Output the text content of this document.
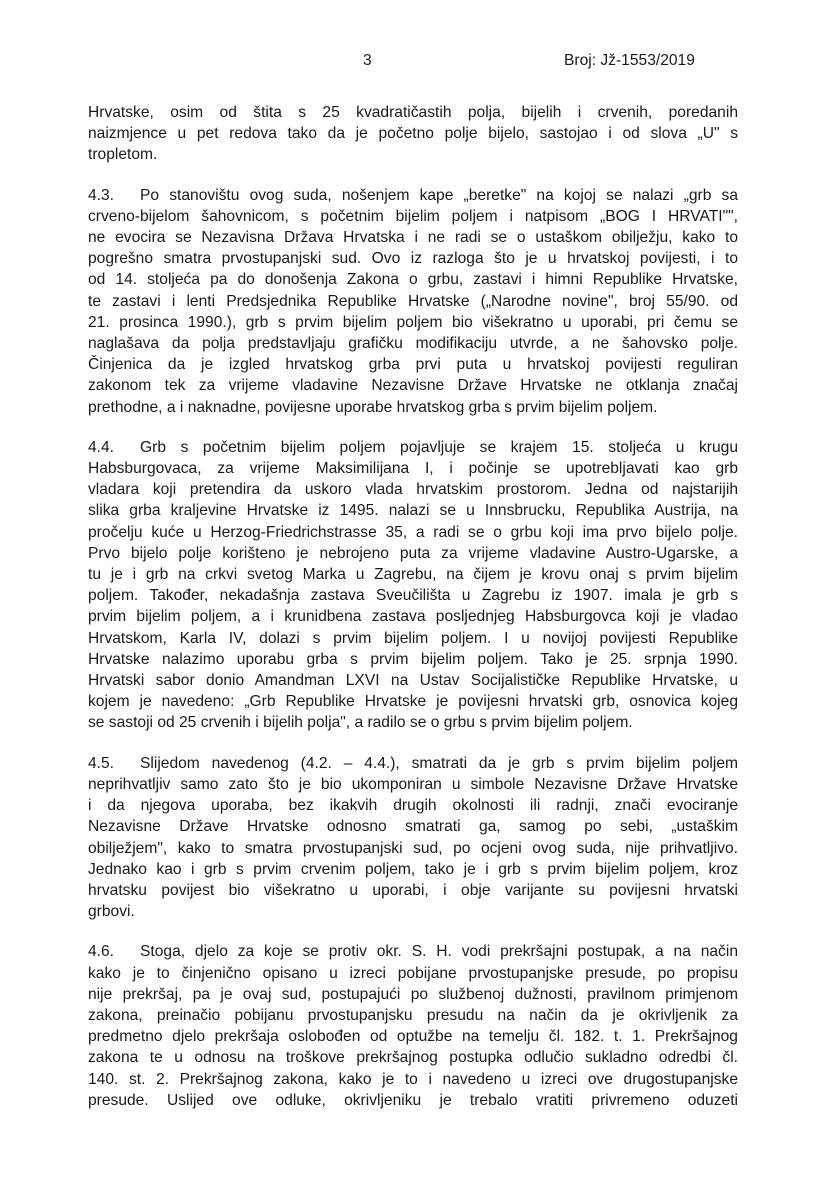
3	Broj: Jž-1553/2019
Hrvatske, osim od štita s 25 kvadratičastih polja, bijelih i crvenih, poredanih
naizmjence u pet redova tako da je početno polje bijelo, sastojao i od slova „U" s
tropletom.
4.3. Po stanovištu ovog suda, nošenjem kape „beretke" na kojoj se nalazi „grb sa
crveno-bijelom šahovnicom, s početnim bijelim poljem i natpisom „BOG I HRVATI"",
ne evocira se Nezavisna Država Hrvatska i ne radi se o ustaškom obilježju, kako to
pogrešno smatra prvostupanjski sud. Ovo iz razloga što je u hrvatskoj povijesti, i to
od 14. stoljeća pa do donošenja Zakona o grbu, zastavi i himni Republike Hrvatske,
te zastavi i lenti Predsjednika Republike Hrvatske („Narodne novine", broj 55/90. od
21. prosinca 1990.), grb s prvim bijelim poljem bio višekratno u uporabi, pri čemu se
naglašava da polja predstavljaju grafičku modifikaciju utvrde, a ne šahovsko polje.
Činjenica da je izgled hrvatskog grba prvi puta u hrvatskoj povijesti reguliran
zakonom tek za vrijeme vladavine Nezavisne Države Hrvatske ne otklanja značaj
prethodne, a i naknadne, povijesne uporabe hrvatskog grba s prvim bijelim poljem.
4.4. Grb s početnim bijelim poljem pojavljuje se krajem 15. stoljeća u krugu
Habsburgovaca, za vrijeme Maksimilijana I, i počinje se upotrebljavati kao grb
vladara koji pretendira da uskoro vlada hrvatskim prostorom. Jedna od najstarijih
slika grba kraljevine Hrvatske iz 1495. nalazi se u Innsbrucku, Republika Austrija, na
pročelju kuće u Herzog-Friedrichstrasse 35, a radi se o grbu koji ima prvo bijelo polje.
Prvo bijelo polje korišteno je nebrojeno puta za vrijeme vladavine Austro-Ugarske, a
tu je i grb na crkvi svetog Marka u Zagrebu, na čijem je krovu onaj s prvim bijelim
poljem. Također, nekadašnja zastava Sveučilišta u Zagrebu iz 1907. imala je grb s
prvim bijelim poljem, a i krunidbena zastava posljednjeg Habsburgovca koji je vladao
Hrvatskom, Karla IV, dolazi s prvim bijelim poljem. I u novijoj povijesti Republike
Hrvatske nalazimo uporabu grba s prvim bijelim poljem. Tako je 25. srpnja 1990.
Hrvatski sabor donio Amandman LXVI na Ustav Socijalističke Republike Hrvatske, u
kojem je navedeno: „Grb Republike Hrvatske je povijesni hrvatski grb, osnovica kojeg
se sastoji od 25 crvenih i bijelih polja", a radilo se o grbu s prvim bijelim poljem.
4.5. Slijedom navedenog (4.2. – 4.4.), smatrati da je grb s prvim bijelim poljem
neprihvatljiv samo zato što je bio ukomponiran u simbole Nezavisne Države Hrvatske
i da njegova uporaba, bez ikakvih drugih okolnosti ili radnji, znači evociranje
Nezavisne Države Hrvatske odnosno smatrati ga, samog po sebi, „ustaškim
obilježjem", kako to smatra prvostupanjski sud, po ocjeni ovog suda, nije prihvatljivo.
Jednako kao i grb s prvim crvenim poljem, tako je i grb s prvim bijelim poljem, kroz
hrvatsku povijest bio višekratno u uporabi, i obje varijante su povijesni hrvatski
grbovi.
4.6. Stoga, djelo za koje se protiv okr. S. H. vodi prekršajni postupak, a na način
kako je to činjenično opisano u izreci pobijane prvostupanjske presude, po propisu
nije prekršaj, pa je ovaj sud, postupajući po službenoj dužnosti, pravilnom primjenom
zakona, preinačio pobijanu prvostupanjsku presudu na način da je okrivljenik za
predmetno djelo prekršaja oslobođen od optužbe na temelju čl. 182. t. 1. Prekršajnog
zakona te u odnosu na troškove prekršajnog postupka odlučio sukladno odredbi čl.
140. st. 2. Prekršajnog zakona, kako je to i navedeno u izreci ove drugostupanjske
presude. Uslijed ove odluke, okrivljeniku je trebalo vratiti privremeno oduzeti
